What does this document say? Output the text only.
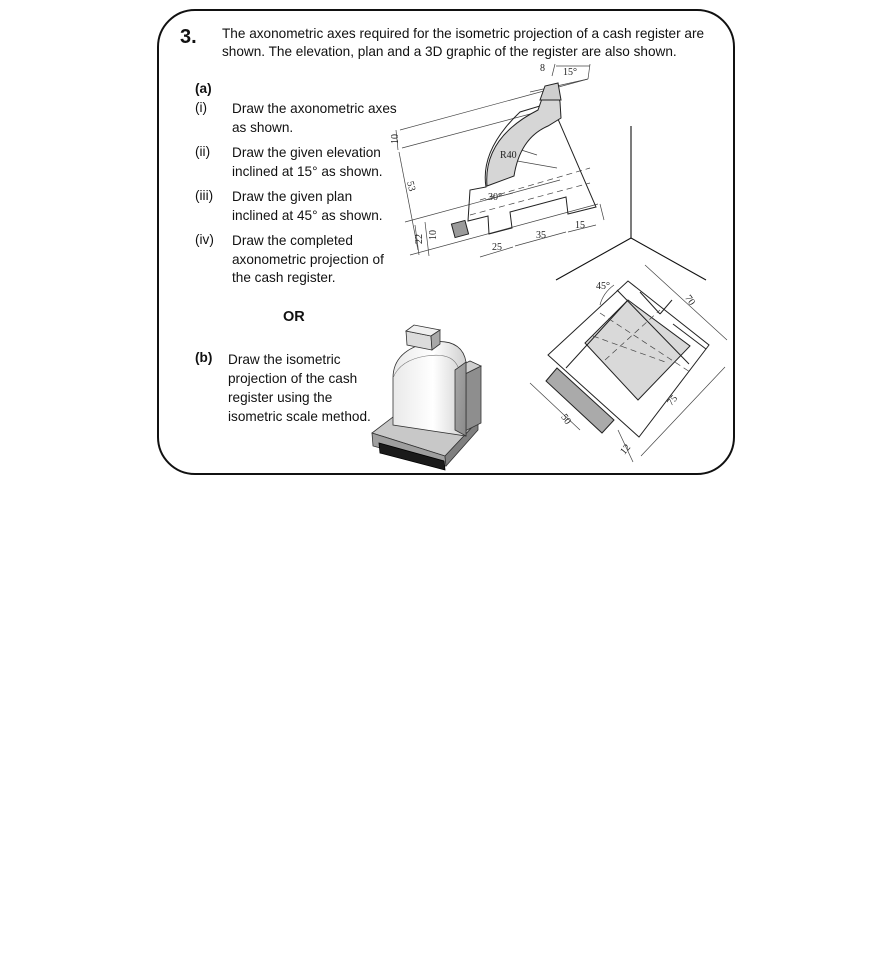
3. The axonometric axes required for the isometric projection of a cash register are shown. The elevation, plan and a 3D graphic of the register are also shown.
(a)
(i) Draw the axonometric axes as shown.
(ii) Draw the given elevation inclined at 15° as shown.
(iii) Draw the given plan inclined at 45° as shown.
(iv) Draw the completed axonometric projection of the cash register.
OR
(b) Draw the isometric projection of the cash register using the isometric scale method.
8 15°
10
R40
53
30°
10
22
25
35
15
45°
70
75
50
12
